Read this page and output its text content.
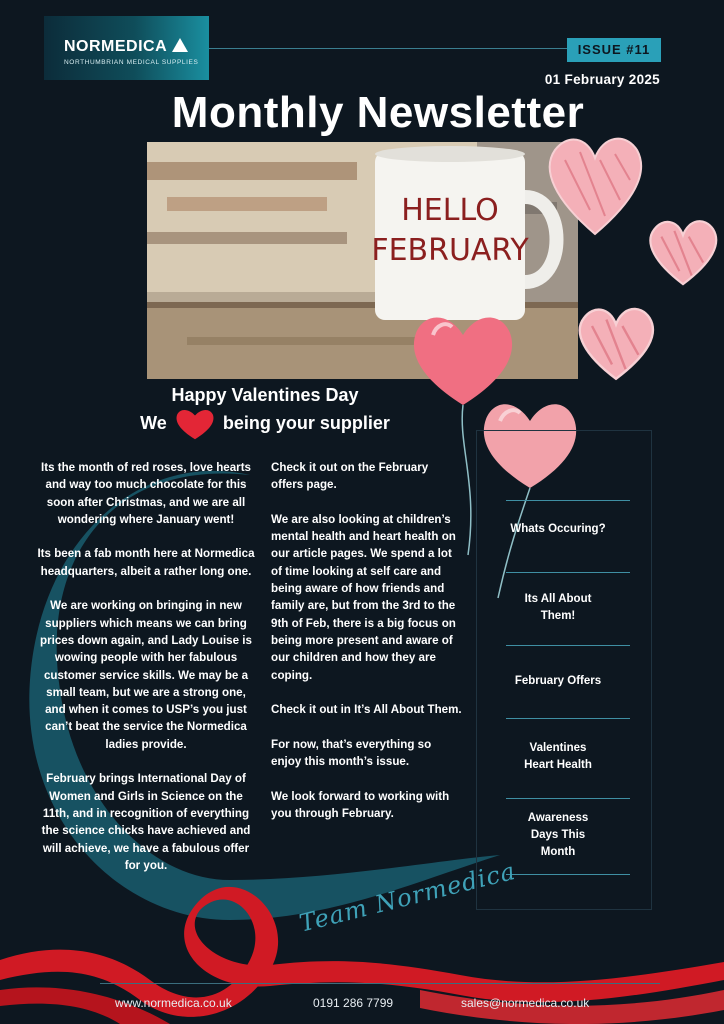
NORMEDICA
NORTHUMBRIAN MEDICAL SUPPLIES
ISSUE #11
01 February 2025
Monthly Newsletter
HELLO
FEBRUARY
Happy Valentines Day
We	being your supplier

Its the month of red roses, love hearts and way too much chocolate for this soon after Christmas, and we are all wondering where January went!

Its been a fab month here at Normedica headquarters, albeit a rather long one.

We are working on bringing in new suppliers which means we can bring prices down again, and Lady Louise is wowing people with her fabulous customer service skills. We may be a small team, but we are a strong one, and when it comes to USP’s you just can’t beat the service the Normedica ladies provide.

February brings International Day of Women and Girls in Science on the 11th, and in recognition of everything the science chicks have achieved and will achieve, we have a fabulous offer for you.

Check it out on the February offers page.

We are also looking at children’s mental health and heart health on our article pages. We spend a lot of time looking at self care and being aware of how friends and family are, but from the 3rd to the 9th of Feb, there is a big focus on being more present and aware of our children and how they are coping.

Check it out in It’s All About Them.

For now, that’s everything so enjoy this month’s issue.

We look forward to working with you through February.

Whats Occuring?
Its All About Them!
February Offers
Valentines Heart Health
Awareness Days This Month
Team Normedica
www.normedica.co.uk	0191 286 7799	sales@normedica.co.uk
